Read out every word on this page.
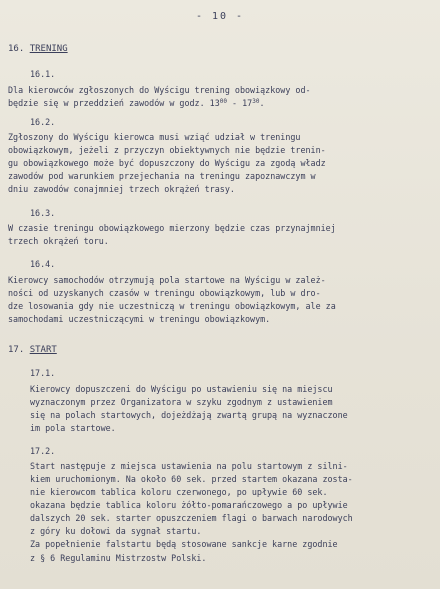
- 10 -
16. TRENING
16.1.
Dla kierowców zgłoszonych do Wyścigu trening obowiązkowy od-
będzie się w przeddzień zawodów w godz. $13^{00} - 17^{30}$.
16.2.
Zgłoszony do Wyścigu kierowca musi wziąć udział w treningu
obowiązkowym, jeżeli z przyczyn obiektywnych nie będzie trenin-
gu obowiązkowego może być dopuszczony do Wyścigu za zgodą władz
zawodów pod warunkiem przejechania na treningu zapoznawczym w
dniu zawodów conajmniej trzech okrążeń trasy.
16.3.
W czasie treningu obowiązkowego mierzony będzie czas przynajmniej
trzech okrążeń toru.
16.4.
Kierowcy samochodów otrzymują pola startowe na Wyścigu w zależ-
ności od uzyskanych czasów w treningu obowiązkowym, lub w dro-
dze losowania gdy nie uczestniczą w treningu obowiązkowym, ale za
samochodami uczestniczącymi w treningu obowiązkowym.
17. START
17.1.
Kierowcy dopuszczeni do Wyścigu po ustawieniu się na miejscu
wyznaczonym przez Organizatora w szyku zgodnym z ustawieniem
się na polach startowych, dojeżdżają zwartą grupą na wyznaczone
im pola startowe.
17.2.
Start następuje z miejsca ustawienia na polu startowym z silni-
kiem uruchomionym. Na około 60 sek. przed startem okazana zosta-
nie kierowcom tablica koloru czerwonego, po upływie 60 sek.
okazana będzie tablica koloru żółto-pomarańczowego a po upływie
dalszych 20 sek. starter opuszczeniem flagi o barwach narodowych
z góry ku dołowi da sygnał startu.
Za popełnienie falstartu będą stosowane sankcje karne zgodnie
z § 6 Regulaminu Mistrzostw Polski.
